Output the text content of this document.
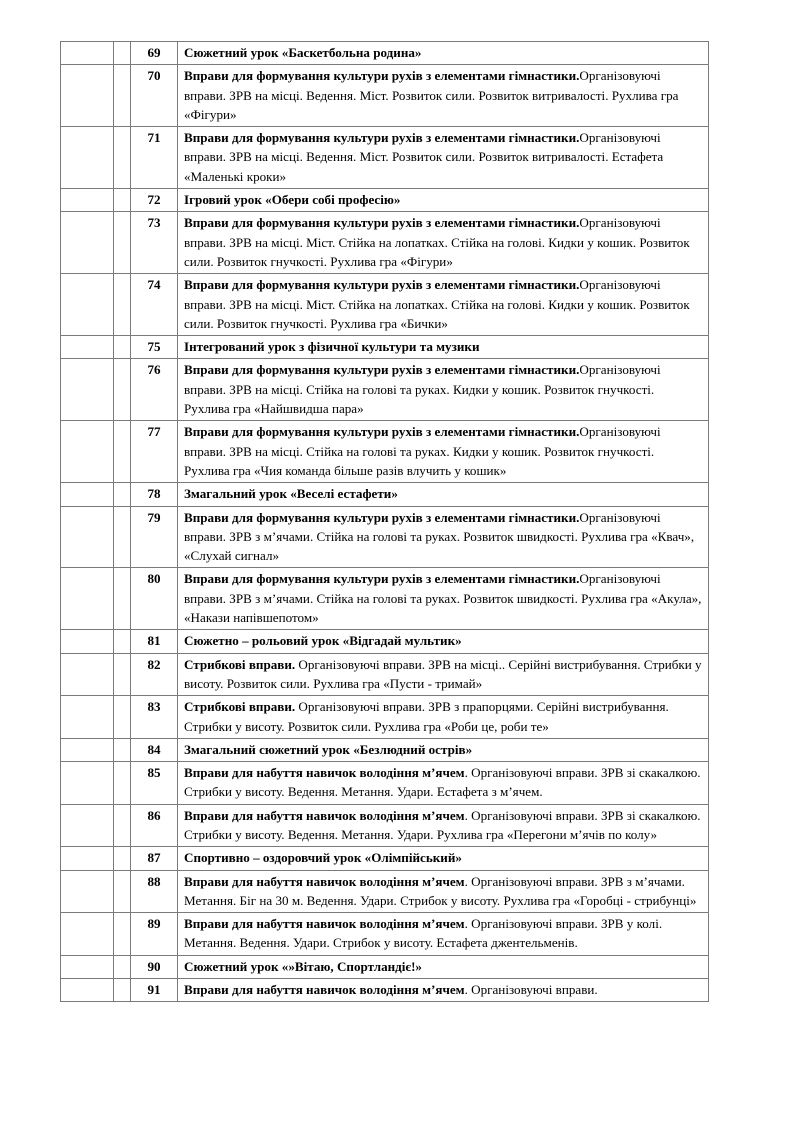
		69	Сюжетний урок «Баскетбольна родина»
		70	Вправи для формування культури рухів з елементами гімнастики.Організовуючі вправи. ЗРВ на місці. Ведення. Міст. Розвиток сили. Розвиток витривалості. Рухлива гра «Фігури»
		71	Вправи для формування культури рухів з елементами гімнастики.Організовуючі вправи. ЗРВ на місці. Ведення. Міст. Розвиток сили. Розвиток витривалості. Естафета «Маленькі кроки»
		72	Ігровий урок «Обери собі професію»
		73	Вправи для формування культури рухів з елементами гімнастики.Організовуючі вправи. ЗРВ на місці. Міст. Стійка на лопатках. Стійка на голові. Кидки у кошик. Розвиток сили. Розвиток гнучкості. Рухлива гра «Фігури»
		74	Вправи для формування культури рухів з елементами гімнастики.Організовуючі вправи. ЗРВ на місці. Міст. Стійка на лопатках. Стійка на голові. Кидки у кошик. Розвиток сили. Розвиток гнучкості. Рухлива гра «Бички»
		75	Інтегрований урок з фізичної культури та музики
		76	Вправи для формування культури рухів з елементами гімнастики.Організовуючі вправи. ЗРВ на місці. Стійка на голові та руках. Кидки у кошик. Розвиток гнучкості. Рухлива гра «Найшвидша пара»
		77	Вправи для формування культури рухів з елементами гімнастики.Організовуючі вправи. ЗРВ на місці. Стійка на голові та руках. Кидки у кошик. Розвиток гнучкості. Рухлива гра «Чия команда більше разів влучить у кошик»
		78	Змагальний урок «Веселі естафети»
		79	Вправи для формування культури рухів з елементами гімнастики.Організовуючі вправи. ЗРВ з м’ячами. Стійка на голові та руках. Розвиток швидкості. Рухлива гра «Квач», «Слухай сигнал»
		80	Вправи для формування культури рухів з елементами гімнастики.Організовуючі вправи. ЗРВ з м’ячами. Стійка на голові та руках. Розвиток швидкості. Рухлива гра «Акула», «Накази напівшепотом»
		81	Сюжетно – рольовий урок «Відгадай мультик»
		82	Стрибкові вправи. Організовуючі вправи. ЗРВ на місці.. Серійні вистрибування. Стрибки у висоту. Розвиток сили. Рухлива гра «Пусти - тримай»
		83	Стрибкові вправи. Організовуючі вправи. ЗРВ з прапорцями. Серійні вистрибування. Стрибки у висоту. Розвиток сили. Рухлива гра «Роби це, роби те»
		84	Змагальний сюжетний урок «Безлюдний острів»
		85	Вправи для набуття навичок володіння м’ячем. Організовуючі вправи. ЗРВ зі скакалкою. Стрибки у висоту. Ведення. Метання. Удари. Естафета з м’ячем.
		86	Вправи для набуття навичок володіння м’ячем. Організовуючі вправи. ЗРВ зі скакалкою. Стрибки у висоту. Ведення. Метання. Удари. Рухлива гра «Перегони м’ячів по колу»
		87	Спортивно – оздоровчий урок «Олімпійський»
		88	Вправи для набуття навичок володіння м’ячем. Організовуючі вправи. ЗРВ з м’ячами. Метання. Біг на 30 м. Ведення. Удари. Стрибок у висоту. Рухлива гра «Горобці - стрибунці»
		89	Вправи для набуття навичок володіння м’ячем. Організовуючі вправи. ЗРВ у колі. Метання. Ведення. Удари. Стрибок у висоту. Естафета джентельменів.
		90	Сюжетний урок «»Вітаю, Спортландіє!»
		91	Вправи для набуття навичок володіння м’ячем. Організовуючі вправи.
